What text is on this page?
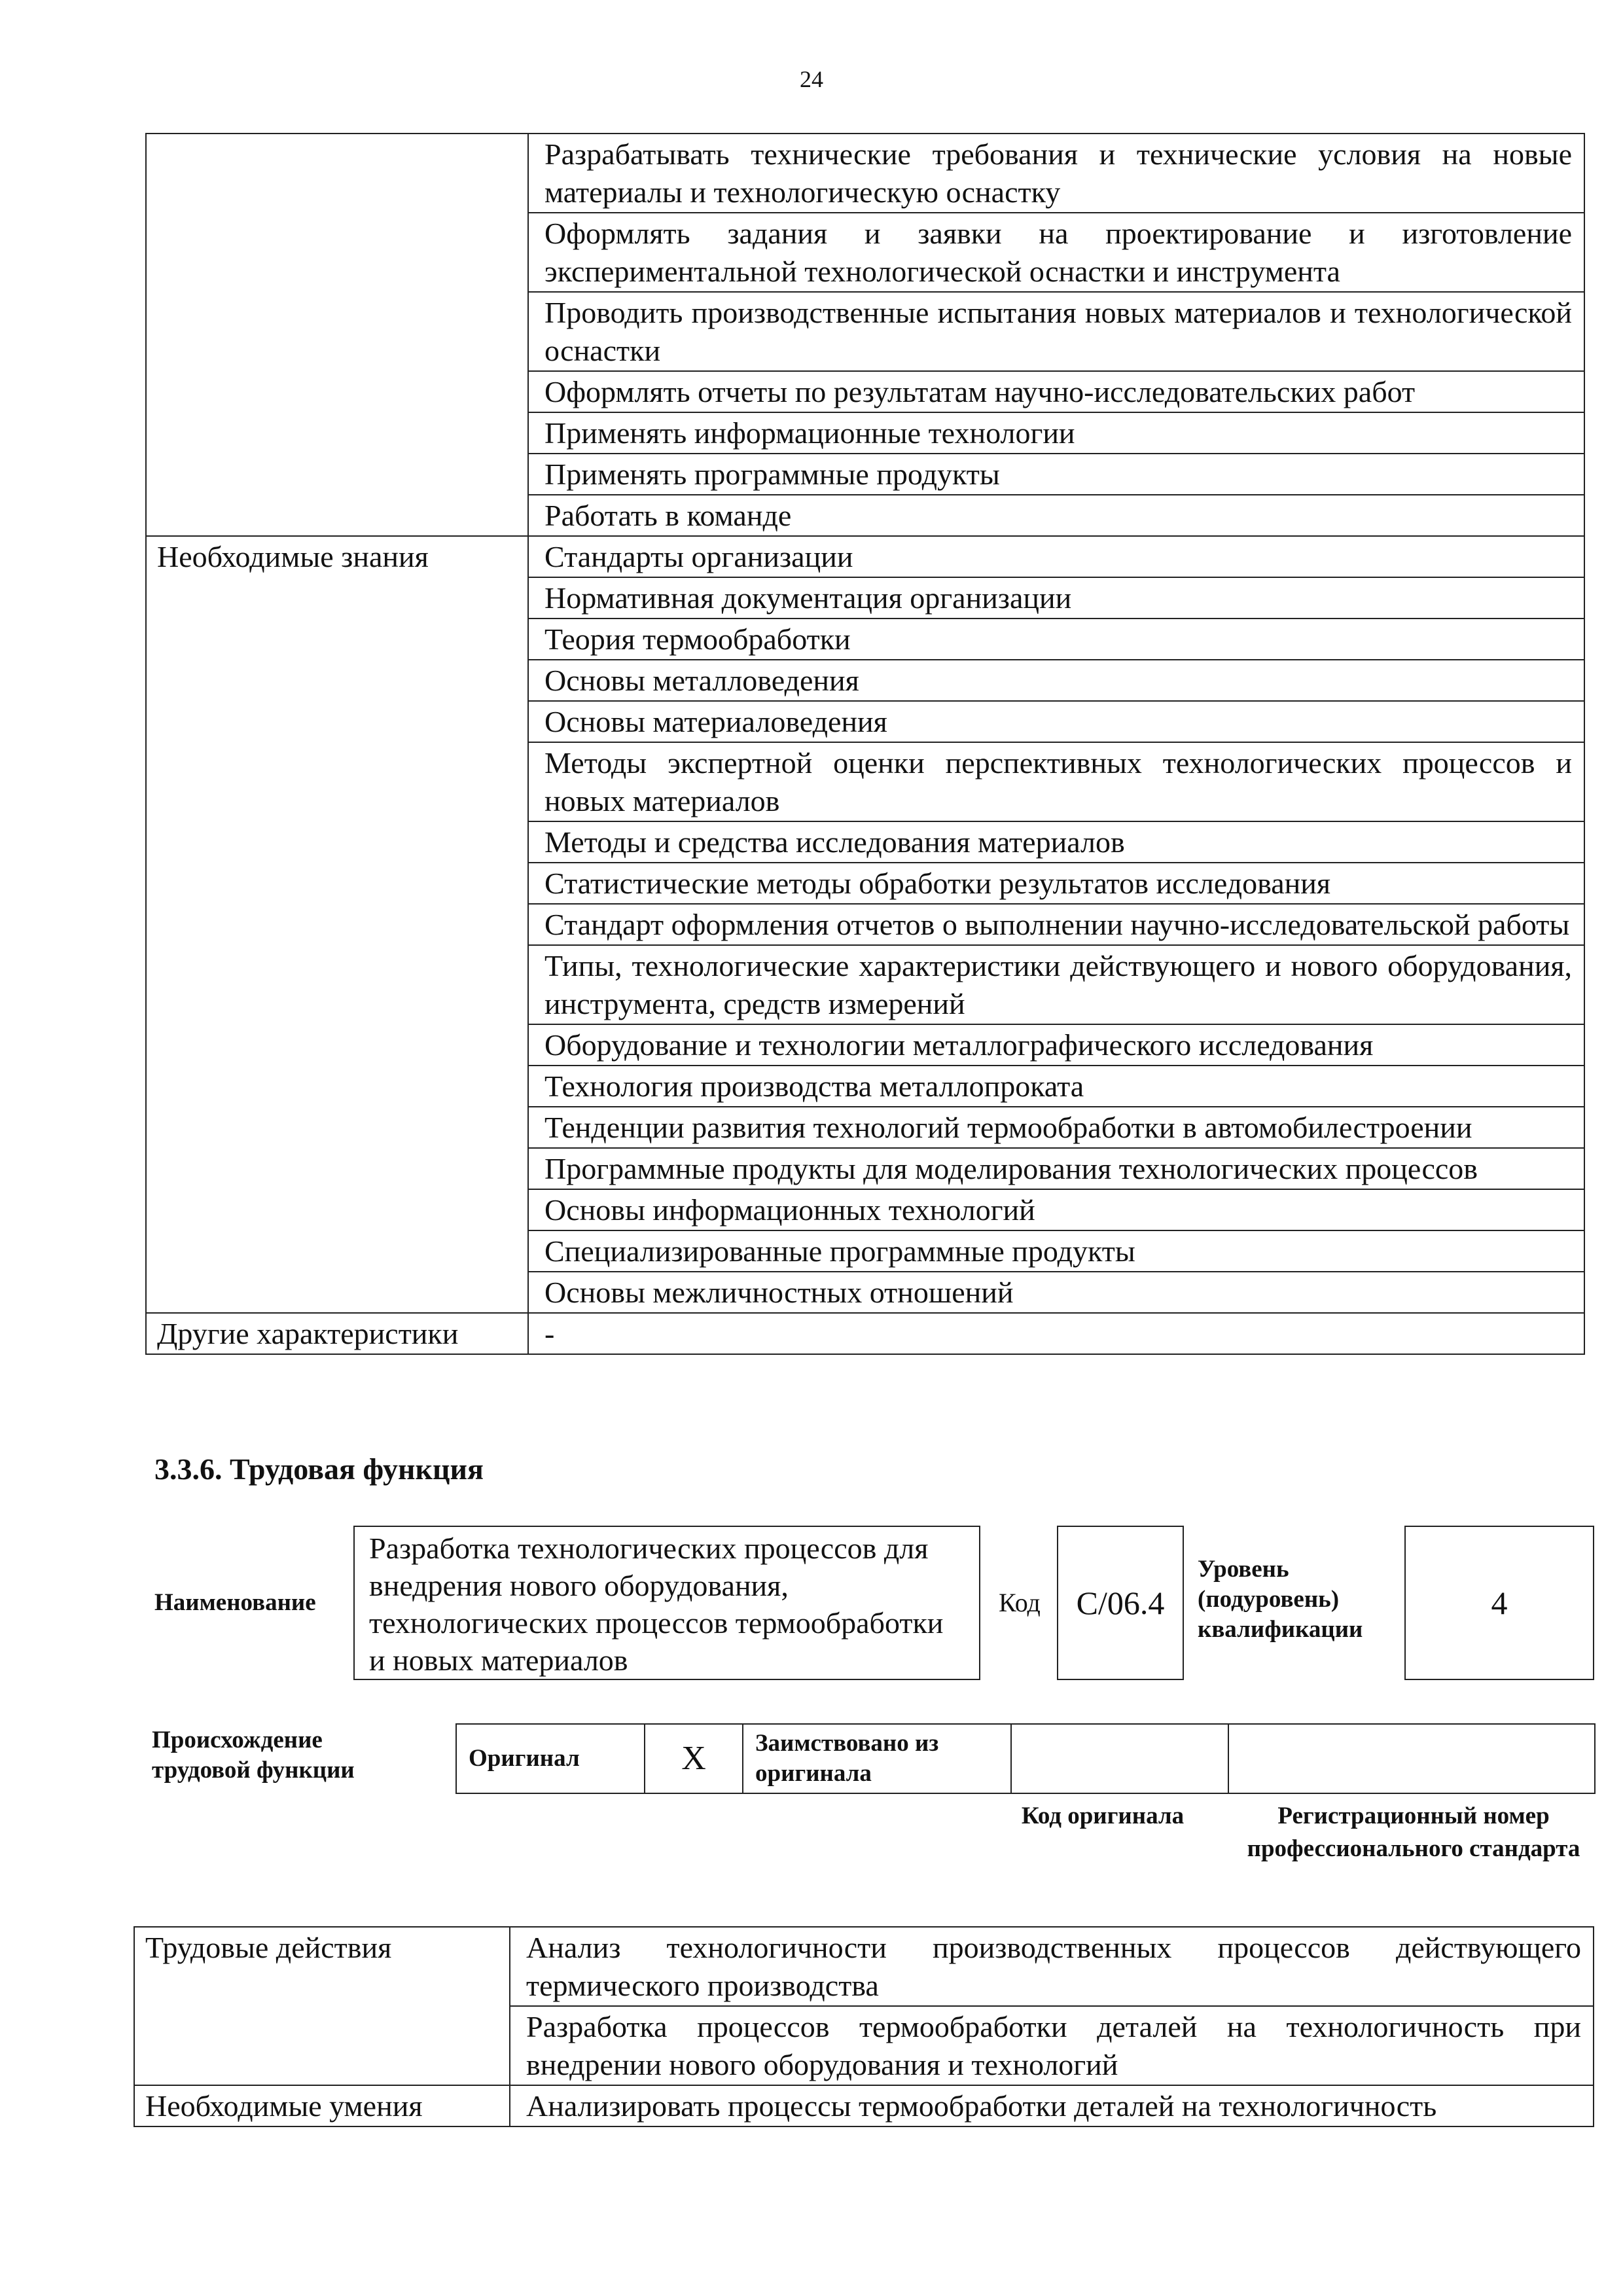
24
	Разрабатывать технические требования и технические условия на новые материалы и технологическую оснастку
	Оформлять задания и заявки на проектирование и изготовление экспериментальной технологической оснастки и инструмента
	Проводить производственные испытания новых материалов и технологической оснастки
	Оформлять отчеты по результатам научно-исследовательских работ
	Применять информационные технологии
	Применять программные продукты
	Работать в команде
Необходимые знания	Стандарты организации
	Нормативная документация организации
	Теория термообработки
	Основы металловедения
	Основы материаловедения
	Методы экспертной оценки перспективных технологических процессов и новых материалов
	Методы и средства исследования материалов
	Статистические методы обработки результатов исследования
	Стандарт оформления отчетов о выполнении научно-исследовательской работы
	Типы, технологические характеристики действующего и нового оборудования, инструмента, средств измерений
	Оборудование и технологии металлографического исследования
	Технология производства металлопроката
	Тенденции развития технологий термообработки в автомобилестроении
	Программные продукты для моделирования технологических процессов
	Основы информационных технологий
	Специализированные программные продукты
	Основы межличностных отношений
Другие характеристики	-
3.3.6. Трудовая функция
Наименование
Разработка технологических процессов для внедрения нового оборудования, технологических процессов термообработки и новых материалов
Код	С/06.4
Уровень (подуровень) квалификации
4
Происхождение трудовой функции	Оригинал	X	Заимствовано из оригинала		
Код оригинала	Регистрационный номер профессионального стандарта
Трудовые действия	Анализ технологичности производственных процессов действующего термического производства
	Разработка процессов термообработки деталей на технологичность при внедрении нового оборудования и технологий
Необходимые умения	Анализировать процессы термообработки деталей на технологичность
